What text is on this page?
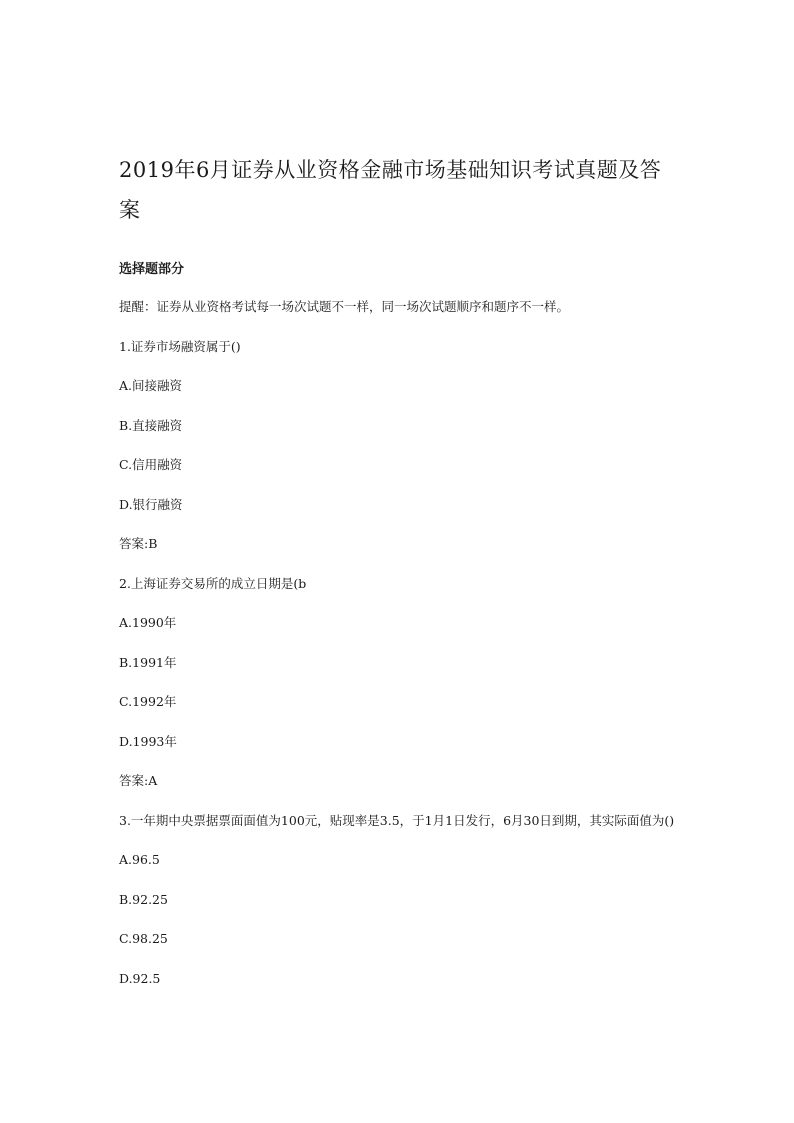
2019年6月证券从业资格金融市场基础知识考试真题及答案
选择题部分
提醒：证券从业资格考试每一场次试题不一样，同一场次试题顺序和题序不一样。
1.证券市场融资属于()
A.间接融资
B.直接融资
C.信用融资
D.银行融资
答案:B
2.上海证券交易所的成立日期是(b
A.1990年
B.1991年
C.1992年
D.1993年
答案:A
3.一年期中央票据票面面值为100元，贴现率是3.5，于1月1日发行，6月30日到期，其实际面值为()
A.96.5
B.92.25
C.98.25
D.92.5
